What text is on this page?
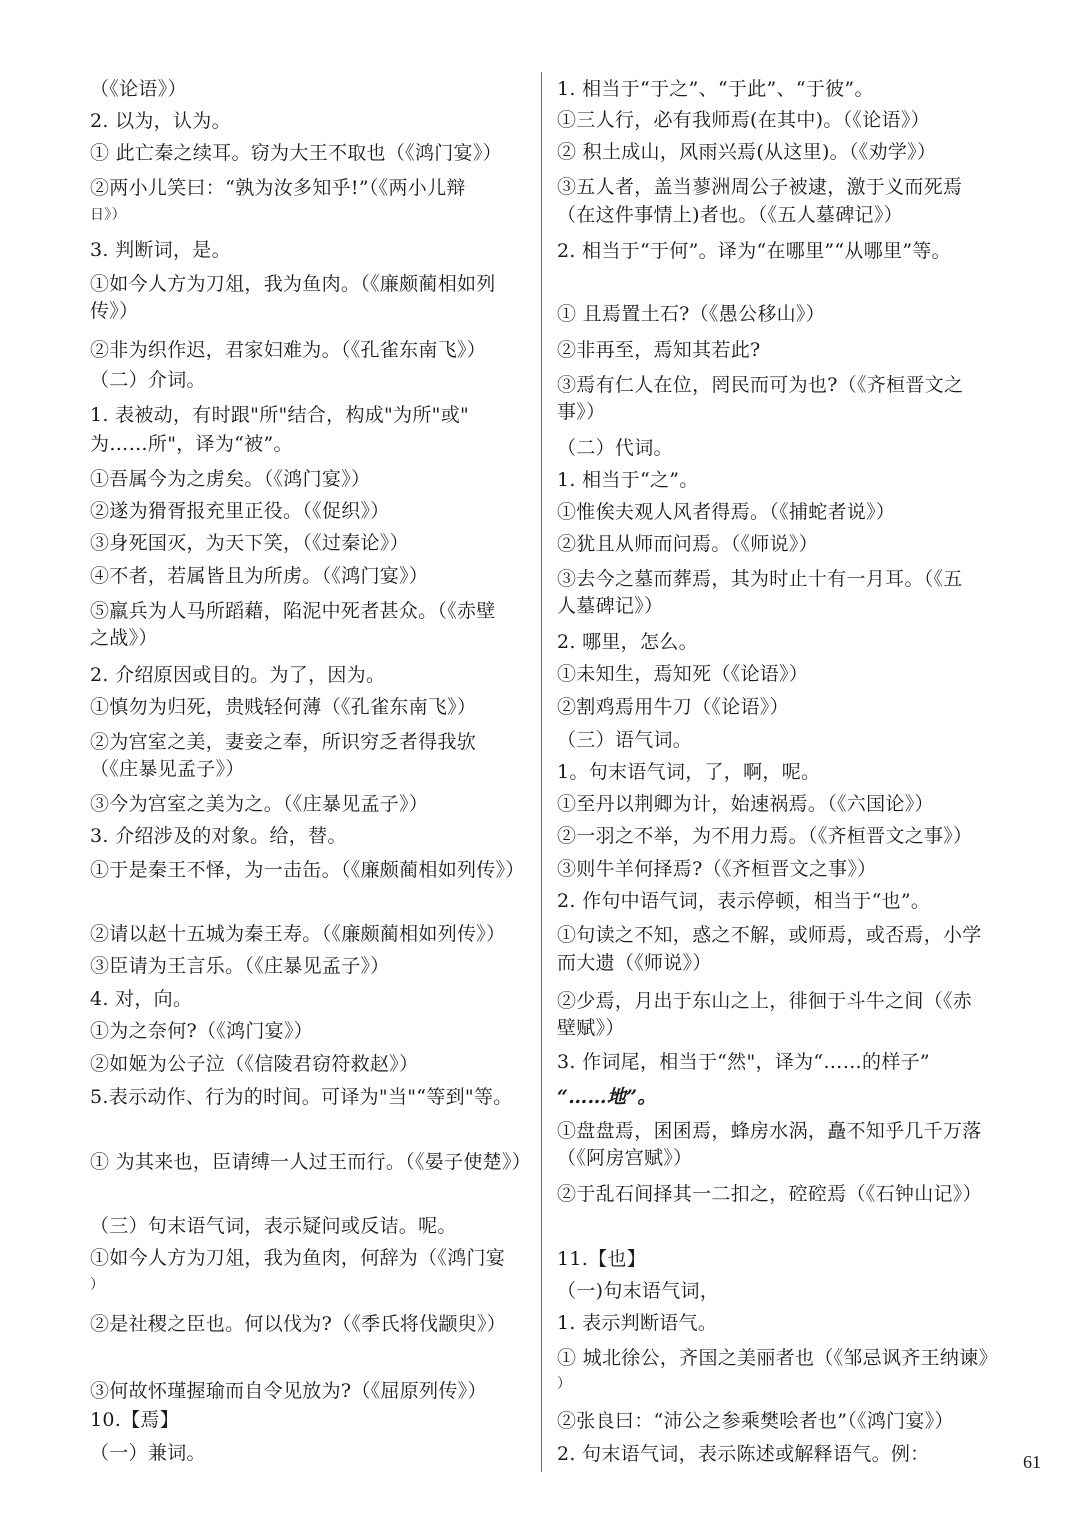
（《论语》）
2. 以为，认为。
① 此亡秦之续耳。窃为大王不取也（《鸿门宴》）
②两小儿笑曰：“孰为汝多知乎!”（《两小儿辩
日》）
3. 判断词，是。
①如今人方为刀俎，我为鱼肉。（《廉颇蔺相如列
传》）
②非为织作迟，君家妇难为。（《孔雀东南飞》）
（二）介词。
1. 表被动，有时跟"所"结合，构成"为所"或"
为……所"，译为“被”。
①吾属今为之虏矣。（《鸿门宴》）
②遂为猾胥报充里正役。（《促织》）
③身死国灭，为天下笑，（《过秦论》）
④不者，若属皆且为所虏。（《鸿门宴》）
⑤羸兵为人马所蹈藉，陷泥中死者甚众。（《赤壁
之战》）
2. 介绍原因或目的。为了，因为。
①慎勿为归死，贵贱轻何薄（《孔雀东南飞》）
②为宫室之美，妻妾之奉，所识穷乏者得我欤
（《庄暴见孟子》）
③今为宫室之美为之。（《庄暴见孟子》）
3. 介绍涉及的对象。给，替。
①于是秦王不怿，为一击缶。（《廉颇蔺相如列传》）
②请以赵十五城为秦王寿。（《廉颇蔺相如列传》）
③臣请为王言乐。（《庄暴见孟子》）
4. 对，向。
①为之奈何?（《鸿门宴》）
②如姬为公子泣（《信陵君窃符救赵》）
5.表示动作、行为的时间。可译为"当"“等到"等。
① 为其来也，臣请缚一人过王而行。（《晏子使楚》）
（三）句末语气词，表示疑问或反诘。呢。
①如今人方为刀俎，我为鱼肉，何辞为（《鸿门宴
）
②是社稷之臣也。何以伐为?（《季氏将伐颛臾》）
③何故怀瑾握瑜而自令见放为?（《屈原列传》）
10.【焉】
（一）兼词。
1. 相当于“于之”、“于此”、“于彼”。
①三人行，必有我师焉(在其中)。（《论语》）
② 积土成山，风雨兴焉(从这里)。（《劝学》）
③五人者，盖当蓼洲周公子被逮，激于义而死焉
（在这件事情上)者也。（《五人墓碑记》）
2. 相当于“于何”。译为“在哪里”“从哪里”等。
① 且焉置土石?（《愚公移山》）
②非再至，焉知其若此?
③焉有仁人在位，罔民而可为也?（《齐桓晋文之
事》）
（二）代词。
1. 相当于“之”。
①惟俟夫观人风者得焉。（《捕蛇者说》）
②犹且从师而问焉。（《师说》）
③去今之墓而葬焉，其为时止十有一月耳。（《五
人墓碑记》）
2. 哪里，怎么。
①未知生，焉知死（《论语》）
②割鸡焉用牛刀（《论语》）
（三）语气词。
1。句末语气词，了，啊，呢。
①至丹以荆卿为计，始速祸焉。（《六国论》）
②一羽之不举，为不用力焉。（《齐桓晋文之事》）
③则牛羊何择焉?（《齐桓晋文之事》）
2. 作句中语气词，表示停顿，相当于“也”。
①句读之不知，惑之不解，或师焉，或否焉，小学
而大遗（《师说》）
②少焉，月出于东山之上，徘徊于斗牛之间（《赤
壁赋》）
3. 作词尾，相当于“然"，译为“……的样子”
“……地”。
①盘盘焉，囷囷焉，蜂房水涡，矗不知乎几千万落
（《阿房宫赋》）
②于乱石间择其一二扣之，硿硿焉（《石钟山记》）
11.【也】
（一)句末语气词，
1. 表示判断语气。
① 城北徐公，齐国之美丽者也（《邹忌讽齐王纳谏》
）
②张良曰：“沛公之参乘樊哙者也”（《鸿门宴》）
2. 句末语气词，表示陈述或解释语气。例：	61
